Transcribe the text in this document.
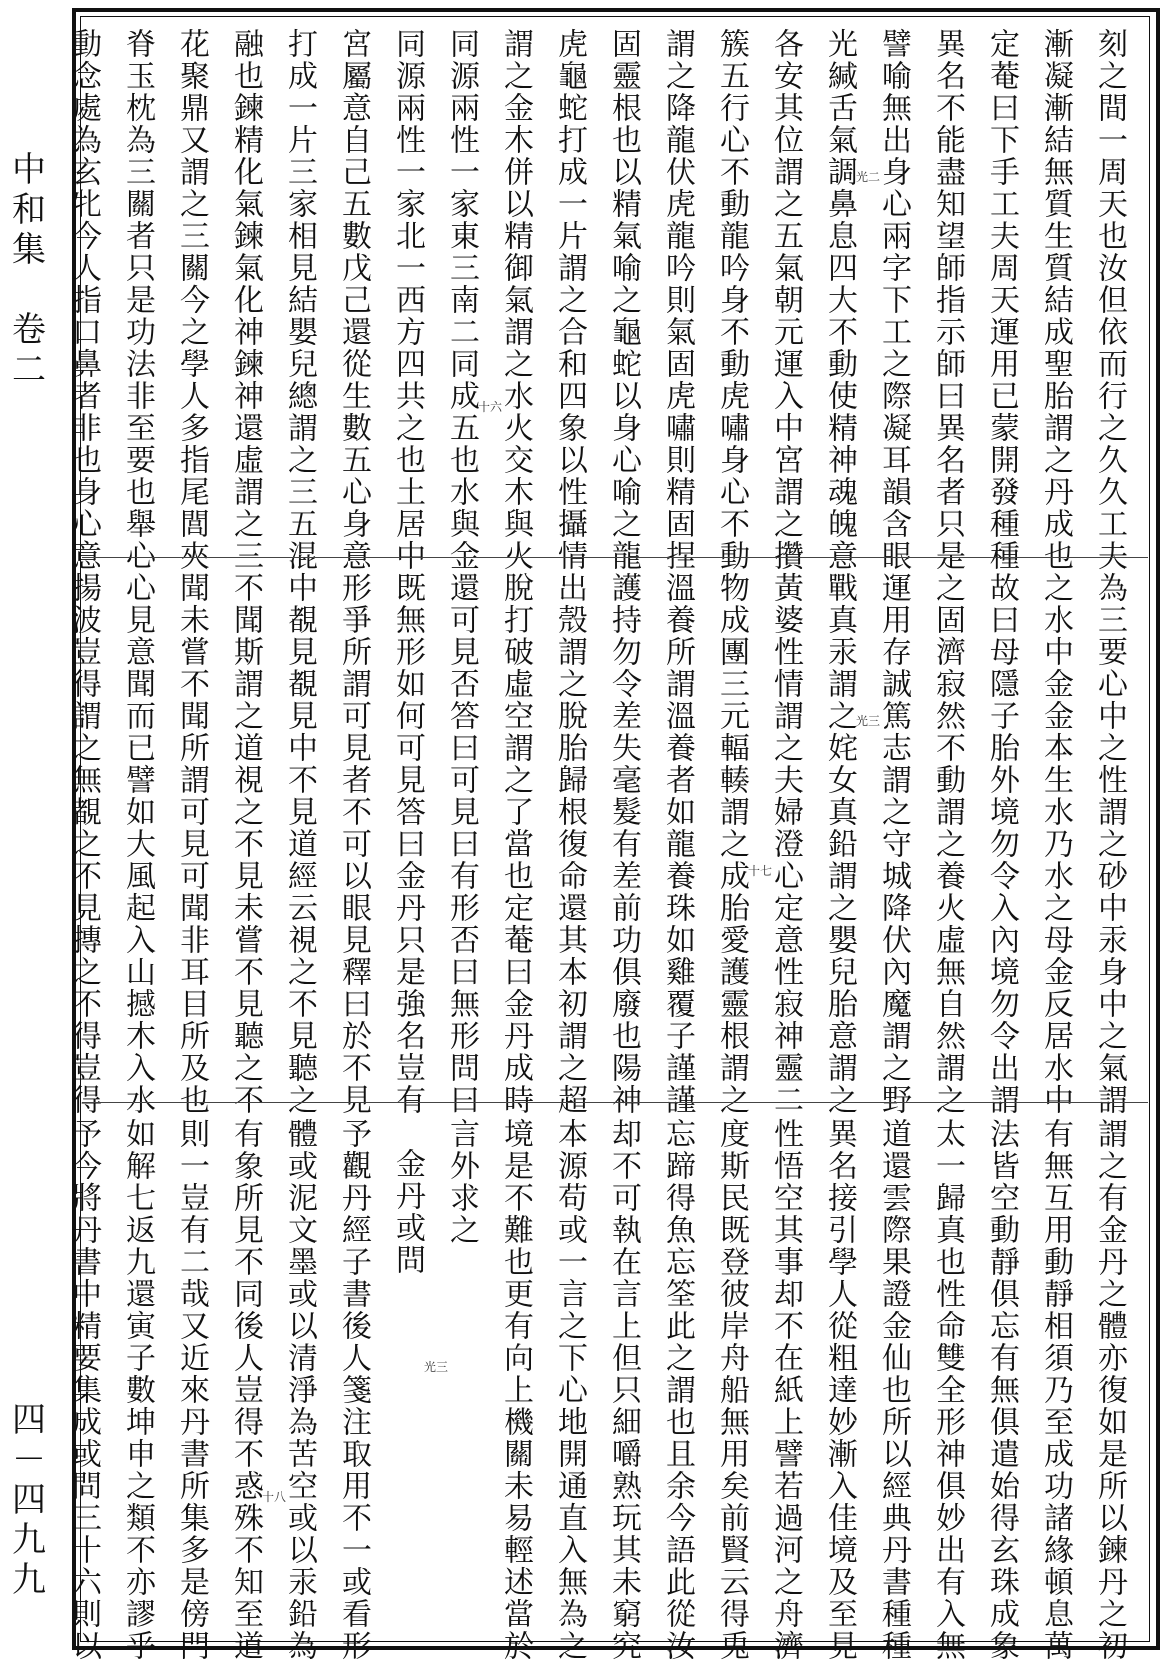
中
和
集

卷
二
四
－
四
九
九
刻之間一周天也汝但依而行之久久工夫
漸凝漸結無質生質結成聖胎謂之丹成也
定菴曰下手工夫周天運用已蒙開發種種
異名不能盡知望師指示師曰異名者只是
譬喻無出身心兩字下工之際凝耳韻含眼
光緘舌氣調鼻息四大不動使精神魂魄意
各安其位謂之五氣朝元運入中宮謂之攢
簇五行心不動龍吟身不動虎嘯身心不動
謂之降龍伏虎龍吟則氣固虎嘯則精固捏
固靈根也以精氣喻之龜蛇以身心喻之龍
虎龜蛇打成一片謂之合和四象以性攝情
謂之金木併以精御氣謂之水火交木與火
同源兩性一家東三南二同成五也水與金
同源兩性一家北一西方四共之也土居中
宮屬意自己五數戊己還從生數五心身意
打成一片三家相見結嬰兒總謂之三五混
融也鍊精化氣鍊氣化神鍊神還虛謂之三
花聚鼎又謂之三關今之學人多指尾閭夾
脊玉枕為三關者只是功法非至要也舉心
動念處為玄牝今人指口鼻者非也身心意	光二
十六
為三要心中之性謂之砂中汞身中之氣謂
之水中金金本生水乃水之母金反居水中
故曰母隱子胎外境勿令入內境勿令出謂
之固濟寂然不動謂之養火虛無自然謂之
運用存誠篤志謂之守城降伏內魔謂之野
戰真汞謂之姹女真鉛謂之嬰兒胎意謂之
黃婆性情謂之夫婦澄心定意性寂神靈二
物成團三元輻輳謂之成胎愛護靈根謂之
溫養所謂溫養者如龍養珠如雞覆子謹謹
護持勿令差失毫髮有差前功俱廢也陽神
出殼謂之脫胎歸根復命還其本初謂之超
脫打破虛空謂之了當也定菴曰金丹成時
還可見否答曰可見曰有形否曰無形問曰
既無形如何可見答曰金丹只是強名豈有
形爭所謂可見者不可以眼見釋曰於不見
中覩見覩見中不見道經云視之不見聽之
不聞斯謂之道視之不見未嘗不見聽之不
聞未嘗不聞所謂可見可聞非耳目所及也
心見意聞而已譬如大風起入山撼木入水
揚波豈得謂之無覩之不見摶之不得豈得	光三
十七
謂之有金丹之體亦復如是所以鍊丹之初
有無互用動靜相須乃至成功諸緣頓息萬
法皆空動靜俱忘有無俱遣始得玄珠成象
太一歸真也性命雙全形神俱妙出有入無
道還雲際果證金仙也所以經典丹書種種
異名接引學人從粗達妙漸入佳境及至見
性悟空其事却不在紙上譬若過河之舟濟
度斯民既登彼岸舟船無用矣前賢云得兎
忘蹄得魚忘筌此之謂也且余今語此從汝
却不可執在言上但只細嚼熟玩其未窮究
本源苟或一言之下心地開通直入無為之
境是不難也更有向上機關未易輕述當於
言外求之
金丹或問
予觀丹經子書後人箋注取用不一或看形
體或泥文墨或以清淨為苦空或以汞鉛為
有象所見不同後人豈得不惑殊不知至道
則一豈有二哉又近來丹書所集多是傍門
如解七返九還寅子數坤申之類不亦謬乎
予今將丹書中精要集成或問三十六則以	光三
十八
